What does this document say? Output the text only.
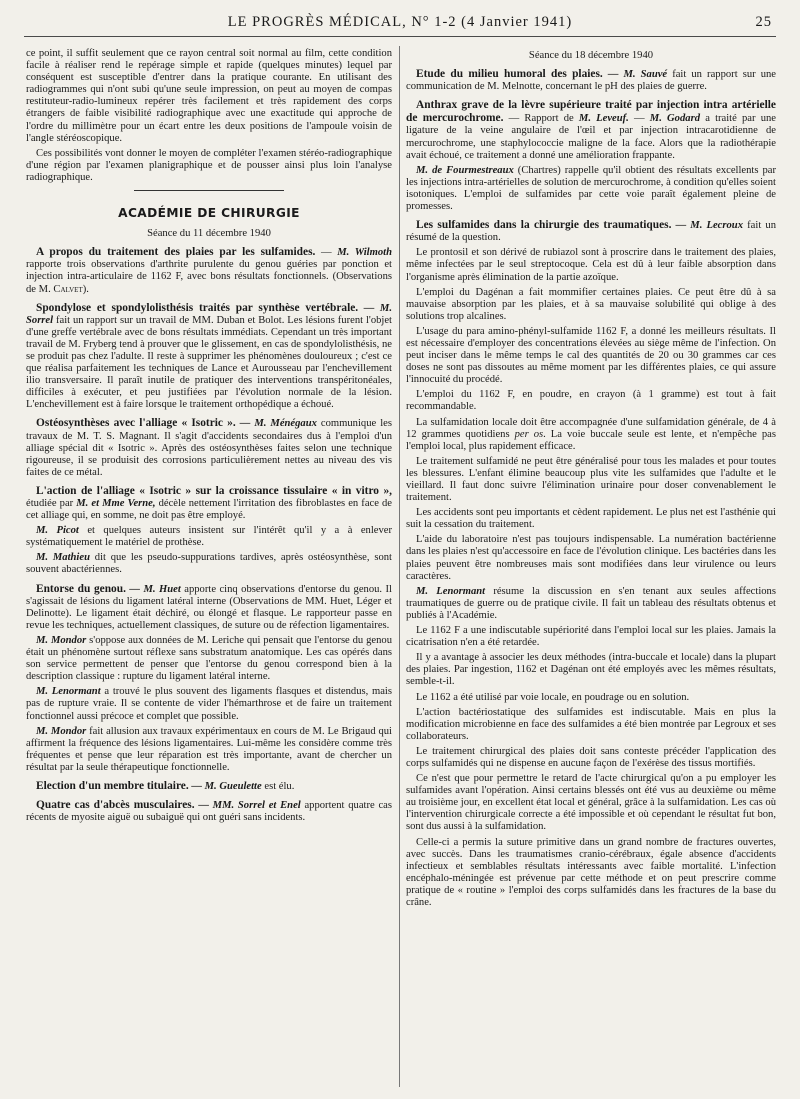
LE PROGRÈS MÉDICAL, N° 1-2 (4 Janvier 1941)	25

ce point, il suffit seulement que ce rayon central soit normal au film, cette condition facile à réaliser rend le repérage simple et rapide (quelques minutes) lequel par conséquent est susceptible d'entrer dans la pratique courante. En utilisant des radiogrammes qui n'ont subi qu'une seule impression, on peut au moyen de compas restituteur-radio-lumineux repérer très facilement et très rapidement des corps étrangers de faible visibilité radiographique avec une exactitude qui approche de l'ordre du millimètre pour un écart entre les deux positions de l'ampoule voisin de l'angle stéréoscopique.

Ces possibilités vont donner le moyen de compléter l'examen stéréo-radiographique d'une région par l'examen planigraphique et de pousser ainsi plus loin l'analyse radiographique.

ACADÉMIE DE CHIRURGIE

Séance du 11 décembre 1940

A propos du traitement des plaies par les sulfamides. — M. Wilmoth rapporte trois observations d'arthrite purulente du genou guéries par ponction et injection intra-articulaire de 1162 F, avec bons résultats fonctionnels. (Observations de M. Calvet).

Spondylose et spondylolisthésis traités par synthèse vertébrale. — M. Sorrel fait un rapport sur un travail de MM. Duban et Bolot. Les lésions furent l'objet d'une greffe vertébrale avec de bons résultats immédiats. Cependant un très important travail de M. Fryberg tend à prouver que le glissement, en cas de spondylolisthésis, ne se produit pas chez l'adulte. Il reste à supprimer les phénomènes douloureux ; c'est ce que réalisa parfaitement les techniques de Lance et Aurousseau par l'enchevillement ilio transversaire. Il paraît inutile de pratiquer des interventions transpéritonéales, difficiles à exécuter, et peu justifiées par l'évolution normale de la lésion. L'enchevillement est à faire lorsque le traitement orthopédique a échoué.

Ostéosynthèses avec l'alliage « Isotric ». — M. Ménégaux communique les travaux de M. T. S. Magnant. Il s'agit d'accidents secondaires dus à l'emploi d'un alliage spécial dit « Isotric ». Après des ostéosynthèses faites selon une technique rigoureuse, il se produisit des corrosions particulièrement nettes au niveau des vis faites de ce métal.

L'action de l'alliage « Isotric » sur la croissance tissulaire « in vitro », étudiée par M. et Mme Verne, décèle nettement l'irritation des fibroblastes en face de cet alliage qui, en somme, ne doit pas être employé.

M. Picot et quelques auteurs insistent sur l'intérêt qu'il y a à enlever systématiquement le matériel de prothèse.

M. Mathieu dit que les pseudo-suppurations tardives, après ostéosynthèse, sont souvent abactériennes.

Entorse du genou. — M. Huet apporte cinq observations d'entorse du genou. Il s'agissait de lésions du ligament latéral interne (Observations de MM. Huet, Léger et Delinotte). Le ligament était déchiré, ou élongé et flasque. Le rapporteur passe en revue les techniques, actuellement classiques, de suture ou de réfection ligamentaires.

M. Mondor s'oppose aux données de M. Leriche qui pensait que l'entorse du genou était un phénomène surtout réflexe sans substratum anatomique. Les cas opérés dans son service permettent de penser que l'entorse du genou correspond bien à la description classique : rupture du ligament latéral interne.

M. Lenormant a trouvé le plus souvent des ligaments flasques et distendus, mais pas de rupture vraie. Il se contente de vider l'hémarthrose et de faire un traitement fonctionnel aussi précoce et complet que possible.

M. Mondor fait allusion aux travaux expérimentaux en cours de M. Le Brigaud qui affirment la fréquence des lésions ligamentaires. Lui-même les considère comme très fréquentes et pense que leur réparation est très importante, avant de chercher un résultat par la seule thérapeutique fonctionnelle.

Election d'un membre titulaire. — M. Gueulette est élu.

Quatre cas d'abcès musculaires. — MM. Sorrel et Enel apportent quatre cas récents de myosite aiguë ou subaiguë qui ont guéri sans incidents.

Séance du 18 décembre 1940

Etude du milieu humoral des plaies. — M. Sauvé fait un rapport sur une communication de M. Melnotte, concernant le pH des plaies de guerre.

Anthrax grave de la lèvre supérieure traité par injection intra artérielle de mercurochrome. — Rapport de M. Leveuf. — M. Godard a traité par une ligature de la veine angulaire de l'œil et par injection intracarotidienne de mercurochrome, une staphylococcie maligne de la face. Alors que la radiothérapie avait échoué, ce traitement a donné une amélioration frappante.

M. de Fourmestreaux (Chartres) rappelle qu'il obtient des résultats excellents par les injections intra-artérielles de solution de mercurochrome, à condition qu'elles soient isotoniques. L'emploi de sulfamides par cette voie paraît également pleine de promesses.

Les sulfamides dans la chirurgie des traumatiques. — M. Lecroux fait un résumé de la question.

Le prontosil et son dérivé de rubiazol sont à proscrire dans le traitement des plaies, même infectées par le seul streptocoque. Cela est dû à leur faible absorption dans l'organisme après élimination de la partie azoïque.

L'emploi du Dagénan a fait mommifier certaines plaies. Ce peut être dû à sa mauvaise absorption par les plaies, et à sa mauvaise solubilité qui oblige à des solutions trop alcalines.

L'usage du para amino-phényl-sulfamide 1162 F, a donné les meilleurs résultats. Il est nécessaire d'employer des concentrations élevées au siège même de l'infection. On peut inciser dans le même temps le cal des quantités de 20 ou 30 grammes car ces doses ne sont pas dissoutes au même moment par les différentes plaies, ce qui assure l'innocuité du procédé.

L'emploi du 1162 F, en poudre, en crayon (à 1 gramme) est tout à fait recommandable.

La sulfamidation locale doit être accompagnée d'une sulfamidation générale, de 4 à 12 grammes quotidiens per os. La voie buccale seule est lente, et n'empêche pas l'emploi local, plus rapidement efficace.

Le traitement sulfamidé ne peut être généralisé pour tous les malades et pour toutes les blessures. L'enfant élimine beaucoup plus vite les sulfamides que l'adulte et le vieillard. Il faut donc suivre l'élimination urinaire pour doser convenablement le traitement.

Les accidents sont peu importants et cèdent rapidement. Le plus net est l'asthénie qui suit la cessation du traitement.

L'aide du laboratoire n'est pas toujours indispensable. La numération bactérienne dans les plaies n'est qu'accessoire en face de l'évolution clinique. Les bactéries dans les plaies peuvent être nombreuses mais sont modifiées dans leur virulence ou leurs caractères.

M. Lenormant résume la discussion en s'en tenant aux seules affections traumatiques de guerre ou de pratique civile. Il fait un tableau des résultats obtenus et publiés à l'Académie.

Le 1162 F a une indiscutable supériorité dans l'emploi local sur les plaies. Jamais la cicatrisation n'en a été retardée.

Il y a avantage à associer les deux méthodes (intra-buccale et locale) dans la plupart des plaies. Par ingestion, 1162 et Dagénan ont été employés avec les mêmes résultats, semble-t-il.

Le 1162 a été utilisé par voie locale, en poudrage ou en solution.

L'action bactériostatique des sulfamides est indiscutable. Mais en plus la modification microbienne en face des sulfamides a été bien montrée par Legroux et ses collaborateurs.

Le traitement chirurgical des plaies doit sans conteste précéder l'application des corps sulfamidés qui ne dispense en aucune façon de l'exérèse des tissus mortifiés.

Ce n'est que pour permettre le retard de l'acte chirurgical qu'on a pu employer les sulfamides avant l'opération. Ainsi certains blessés ont été vus au deuxième ou même au troisième jour, en excellent état local et général, grâce à la sulfamidation. Les cas où l'intervention chirurgicale correcte a été impossible et où cependant le résultat fut bon, sont dus aussi à la sulfamidation.

Celle-ci a permis la suture primitive dans un grand nombre de fractures ouvertes, avec succès. Dans les traumatismes cranio-cérébraux, égale absence d'accidents infectieux et semblables résultats intéressants avec faible mortalité. L'infection encéphalo-méningée est prévenue par cette méthode et on peut prescrire comme pratique de « routine » l'emploi des corps sulfamidés dans les fractures de la base du crâne.
